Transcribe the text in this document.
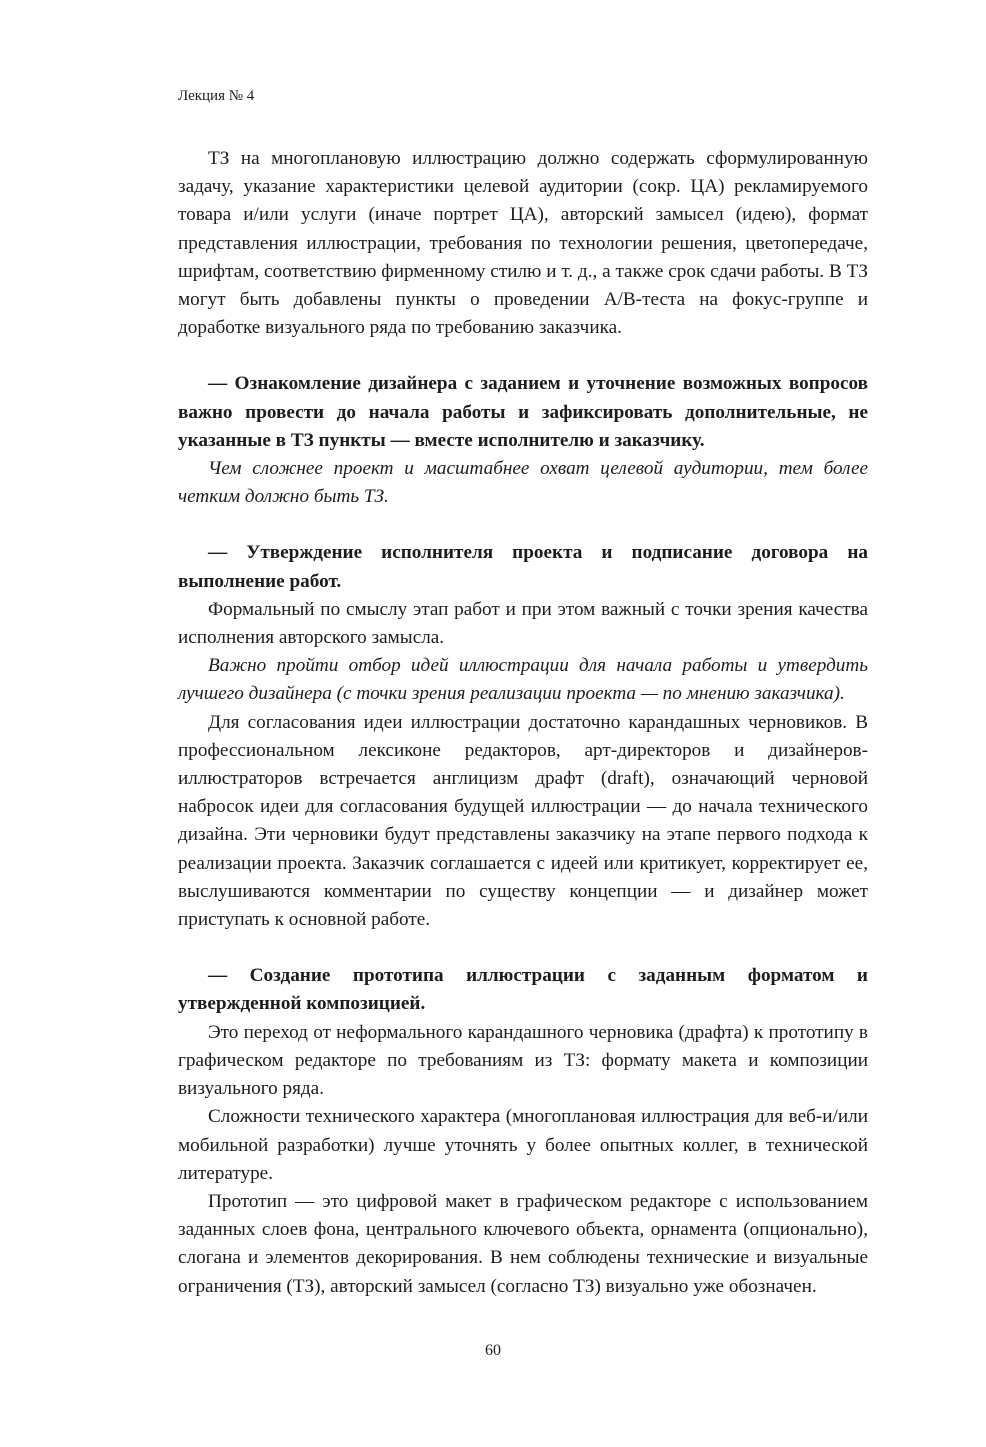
Лекция № 4

ТЗ на многоплановую иллюстрацию должно содержать сформулированную задачу, указание характеристики целевой аудитории (сокр. ЦА) рекламируемого товара и/или услуги (иначе портрет ЦА), авторский замысел (идею), формат представления иллюстрации, требования по технологии решения, цветопередаче, шрифтам, соответствию фирменному стилю и т. д., а также срок сдачи работы. В ТЗ могут быть добавлены пункты о проведении A/B-теста на фокус-группе и доработке визуального ряда по требованию заказчика.

— Ознакомление дизайнера с заданием и уточнение возможных вопросов важно провести до начала работы и зафиксировать дополнительные, не указанные в ТЗ пункты — вместе исполнителю и заказчику.

Чем сложнее проект и масштабнее охват целевой аудитории, тем более четким должно быть ТЗ.

— Утверждение исполнителя проекта и подписание договора на выполнение работ.

Формальный по смыслу этап работ и при этом важный с точки зрения качества исполнения авторского замысла.

Важно пройти отбор идей иллюстрации для начала работы и утвердить лучшего дизайнера (с точки зрения реализации проекта — по мнению заказчика).

Для согласования идеи иллюстрации достаточно карандашных черновиков. В профессиональном лексиконе редакторов, арт-директоров и дизайнеров-иллюстраторов встречается англицизм драфт (draft), означающий черновой набросок идеи для согласования будущей иллюстрации — до начала технического дизайна. Эти черновики будут представлены заказчику на этапе первого подхода к реализации проекта. Заказчик соглашается с идеей или критикует, корректирует ее, выслушиваются комментарии по существу концепции — и дизайнер может приступать к основной работе.

— Создание прототипа иллюстрации с заданным форматом и утвержденной композицией.

Это переход от неформального карандашного черновика (драфта) к прототипу в графическом редакторе по требованиям из ТЗ: формату макета и композиции визуального ряда.

Сложности технического характера (многоплановая иллюстрация для веб-и/или мобильной разработки) лучше уточнять у более опытных коллег, в технической литературе.

Прототип — это цифровой макет в графическом редакторе с использованием заданных слоев фона, центрального ключевого объекта, орнамента (опционально), слогана и элементов декорирования. В нем соблюдены технические и визуальные ограничения (ТЗ), авторский замысел (согласно ТЗ) визуально уже обозначен.

60
